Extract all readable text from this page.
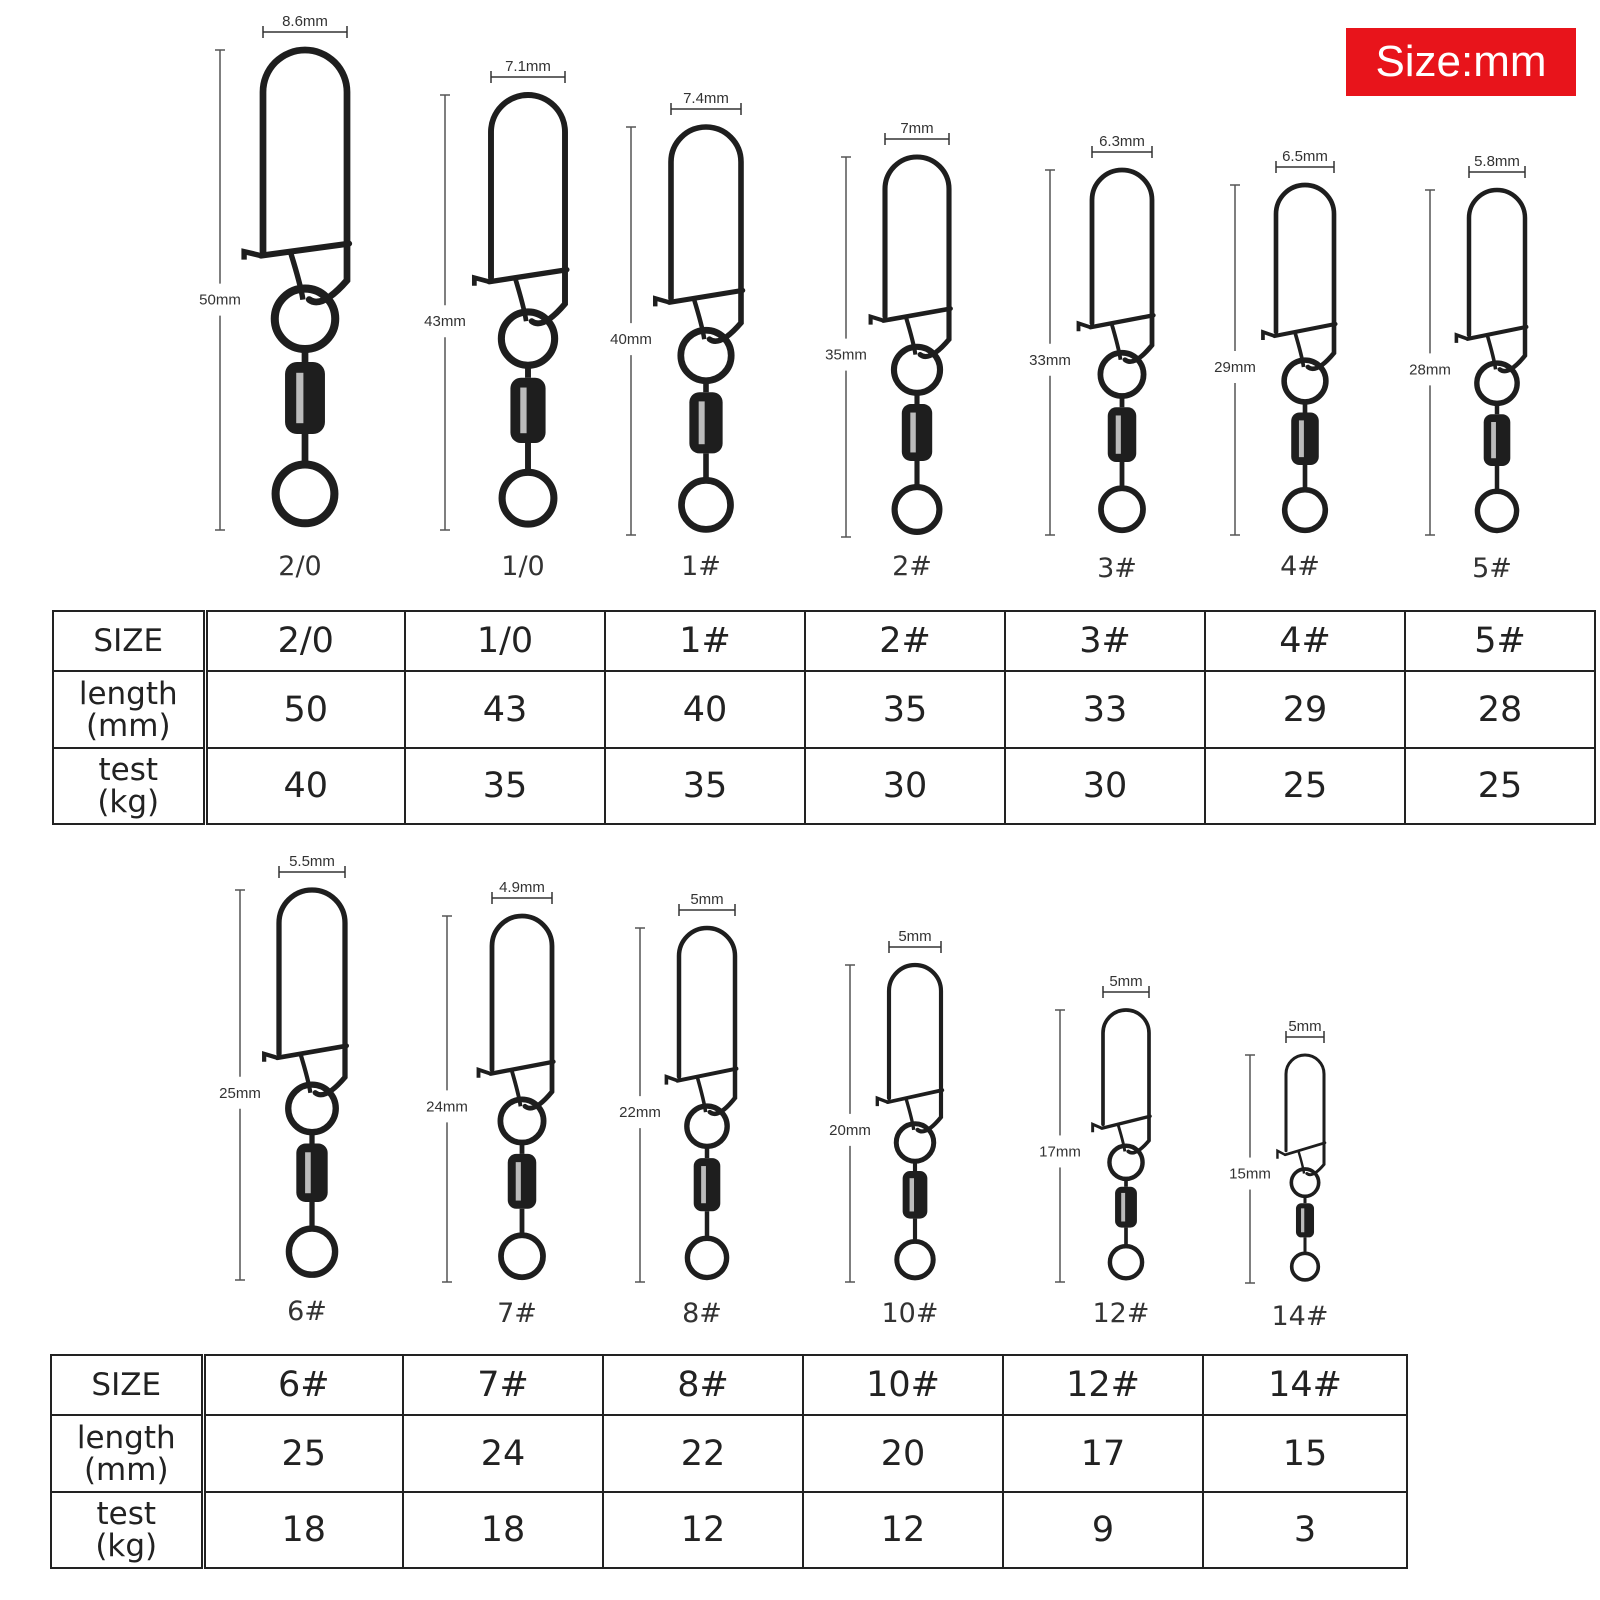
Size:mm
8.6mm
50mm
2/0
7.1mm
43mm
1/0
7.4mm
40mm
1#
7mm
35mm
2#
6.3mm
33mm
3#
6.5mm
29mm
4#
5.8mm
28mm
5#
5.5mm
25mm
6#
4.9mm
24mm
7#
5mm
22mm
8#
5mm
20mm
10#
5mm
17mm
12#
5mm
15mm
14#
SIZE	2/0	1/0	1#	2#	3#	4#	5#
length
(mm)	50	43	40	35	33	29	28
test
(kg)	40	35	35	30	30	25	25
SIZE	6#	7#	8#	10#	12#	14#
length
(mm)	25	24	22	20	17	15
test
(kg)	18	18	12	12	9	3
